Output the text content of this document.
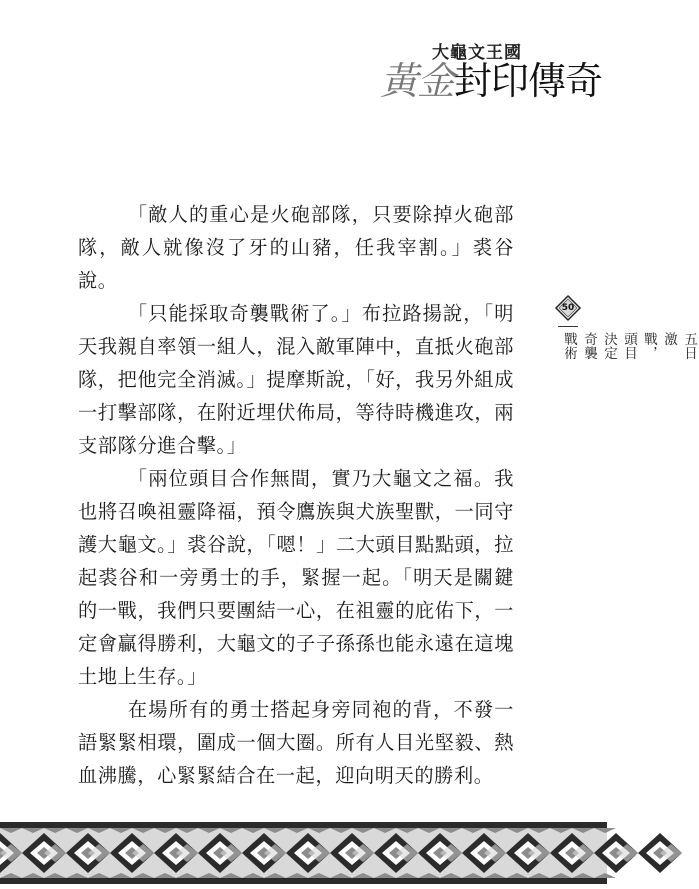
大龜文王國
黃金封印傳奇

「敵人的重心是火砲部隊，只要除掉火砲部隊，敵人就像沒了牙的山豬，任我宰割。」裘谷說。

「只能採取奇襲戰術了。」布拉路揚說，「明天我親自率領一組人，混入敵軍陣中，直抵火砲部隊，把他完全消滅。」提摩斯說，「好，我另外組成一打擊部隊，在附近埋伏佈局，等待時機進攻，兩支部隊分進合擊。」

「兩位頭目合作無間，實乃大龜文之福。我也將召喚祖靈降福，預令鷹族與犬族聖獸，一同守護大龜文。」裘谷說，「嗯！」二大頭目點點頭，拉起裘谷和一旁勇士的手，緊握一起。「明天是關鍵的一戰，我們只要團結一心，在祖靈的庇佑下，一定會贏得勝利，大龜文的子子孫孫也能永遠在這塊土地上生存。」

在場所有的勇士搭起身旁同袍的背，不發一語緊緊相環，圍成一個大圈。所有人目光堅毅、熱血沸騰，心緊緊結合在一起，迎向明天的勝利。

50
五日激戰，頭目決定奇襲戰術
